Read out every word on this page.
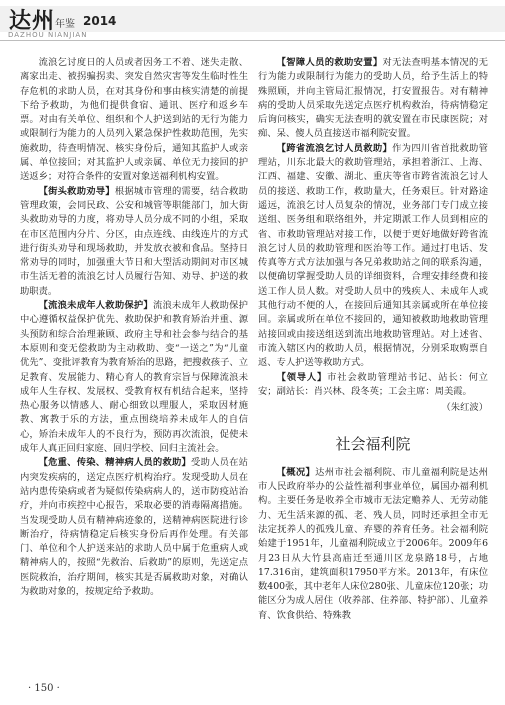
达州 年鉴 2014
DAZHOU NIANJIAN

流浪乞讨度日的人员或者因务工不着、迷失走散、离家出走、被拐骗拐卖、突发自然灾害等发生临时性生存危机的求助人员，在对其身份和事由核实清楚的前提下给予救助，为他们提供食宿、通讯、医疗和返乡车票。对由有关单位、组织和个人护送到站的无行为能力或限制行为能力的人员列入紧急保护性救助范围，先实施救助，待查明情况、核实身份后，通知其监护人或亲属、单位接回；对其监护人或亲属、单位无力接回的护送返乡；对符合条件的安置对象送福利机构安置。

【街头救助劝导】根据城市管理的需要，结合救助管理政策，会同民政、公安和城管等职能部门，加大街头救助劝导的力度，将劝导人员分成不同的小组，采取在市区范围内分片、分区，由点连线、由线连片的方式进行街头劝导和现场救助，并发放衣被和食品。坚持日常劝导的同时，加强重大节日和大型活动期间对市区城市生活无着的流浪乞讨人员履行告知、劝导、护送的救助职责。

【流浪未成年人救助保护】流浪未成年人救助保护中心遵循权益保护优先、救助保护和教育矫治并重、源头预防和综合治理兼顾、政府主导和社会参与结合的基本原则和变无偿救助为主动救助、变“一送之”为“儿童优先”、变批评教育为教育矫治的思路，把搜救孩子、立足教育、发展能力、精心育人的教育宗旨与保障流浪未成年人生存权、发展权、受教育权有机结合起来，坚持热心服务以情感人、耐心细致以理服人，采取因材施教、寓教于乐的方法，重点围绕培养未成年人的自信心，矫治未成年人的不良行为，预防再次流浪，促使未成年人真正回归家庭、回归学校、回归主流社会。

【危重、传染、精神病人员的救助】受助人员在站内突发疾病的，送定点医疗机构治疗。发现受助人员在站内患传染病或者为疑似传染病病人的，送市防疫站治疗，并向市疾控中心报告，采取必要的消毒隔离措施。当发现受助人员有精神病迹象的，送精神病医院进行诊断治疗，待病情稳定后核实身份后再作处理。有关部门、单位和个人护送来站的求助人员中属于危重病人或精神病人的，按照“先救治、后救助”的原则，先送定点医院救治，治疗期间，核实其是否属救助对象，对确认为救助对象的，按规定给予救助。

【智障人员的救助安置】对无法查明基本情况的无行为能力或限制行为能力的受助人员，给予生活上的特殊照顾，并向主管局汇报情况，打安置报告。对有精神病的受助人员采取先送定点医疗机构救治，待病情稳定后询问核实，确实无法查明的就安置在市民康医院；对痴、呆、傻人员直接送市福利院安置。

【跨省流浪乞讨人员救助】作为四川省首批救助管理站，川东北最大的救助管理站，承担着浙江、上海、江西、福建、安徽、湖北、重庆等省市跨省流浪乞讨人员的接送、救助工作，救助量大，任务艰巨。针对路途遥远，流浪乞讨人员复杂的情况，业务部门专门成立接送组、医务组和联络组外，并定期派工作人员到相应的省、市救助管理站对接工作，以便于更好地做好跨省流浪乞讨人员的救助管理和医治等工作。通过打电话、发传真等方式方法加强与各兄弟救助站之间的联系沟通，以便确切掌握受助人员的详细资料，合理安排经费和接送工作人员人数。对受助人员中的残疾人、未成年人或其他行动不便的人，在接回后通知其亲属或所在单位接回。亲属或所在单位不接回的，通知被救助地救助管理站接回或由接送组送到流出地救助管理站。对上述省、市流入辖区内的救助人员，根据情况，分别采取购票自返、专人护送等救助方式。

【领导人】市社会救助管理站书记、站长：何立安；副站长：肖兴林、段冬英；工会主席：周美霞。

（朱红波）
社会福利院

【概况】达州市社会福利院、市儿童福利院是达州市人民政府举办的公益性福利事业单位，属国办福利机构。主要任务是收养全市城市无法定赡养人、无劳动能力、无生活来源的孤、老、残人员，同时还承担全市无法定抚养人的孤残儿童、弃婴的养育任务。社会福利院始建于1951年，儿童福利院成立于2006年。2009年6月23日从大竹县高庙迁至通川区龙泉路18号，占地17.316亩，建筑面积17950平方米。2013年，有床位数400张，其中老年人床位280张、儿童床位120张；功能区分为成人居住（收养部、住养部、特护部）、儿童养育、饮食供给、特殊教

· 150 ·
